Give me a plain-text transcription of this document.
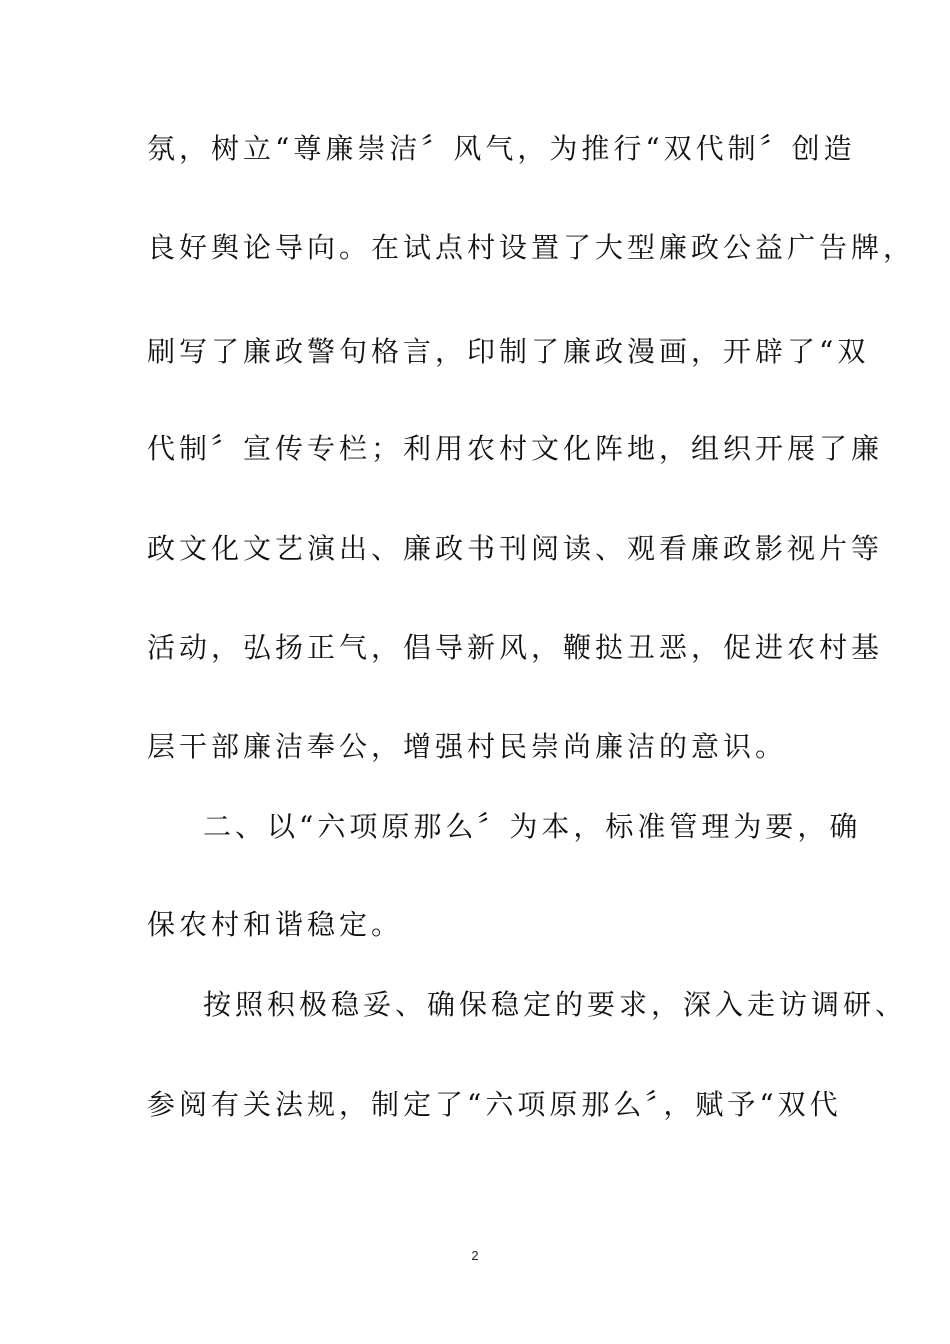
氛，树立“尊廉崇洁〞风气，为推行“双代制〞创造
良好舆论导向。在试点村设置了大型廉政公益广告牌，
刷写了廉政警句格言，印制了廉政漫画，开辟了“双
代制〞宣传专栏；利用农村文化阵地，组织开展了廉
政文化文艺演出、廉政书刊阅读、观看廉政影视片等
活动，弘扬正气，倡导新风，鞭挞丑恶，促进农村基
层干部廉洁奉公，增强村民崇尚廉洁的意识。
二、以“六项原那么〞为本，标准管理为要，确
保农村和谐稳定。
按照积极稳妥、确保稳定的要求，深入走访调研、
参阅有关法规，制定了“六项原那么〞，赋予“双代
2
